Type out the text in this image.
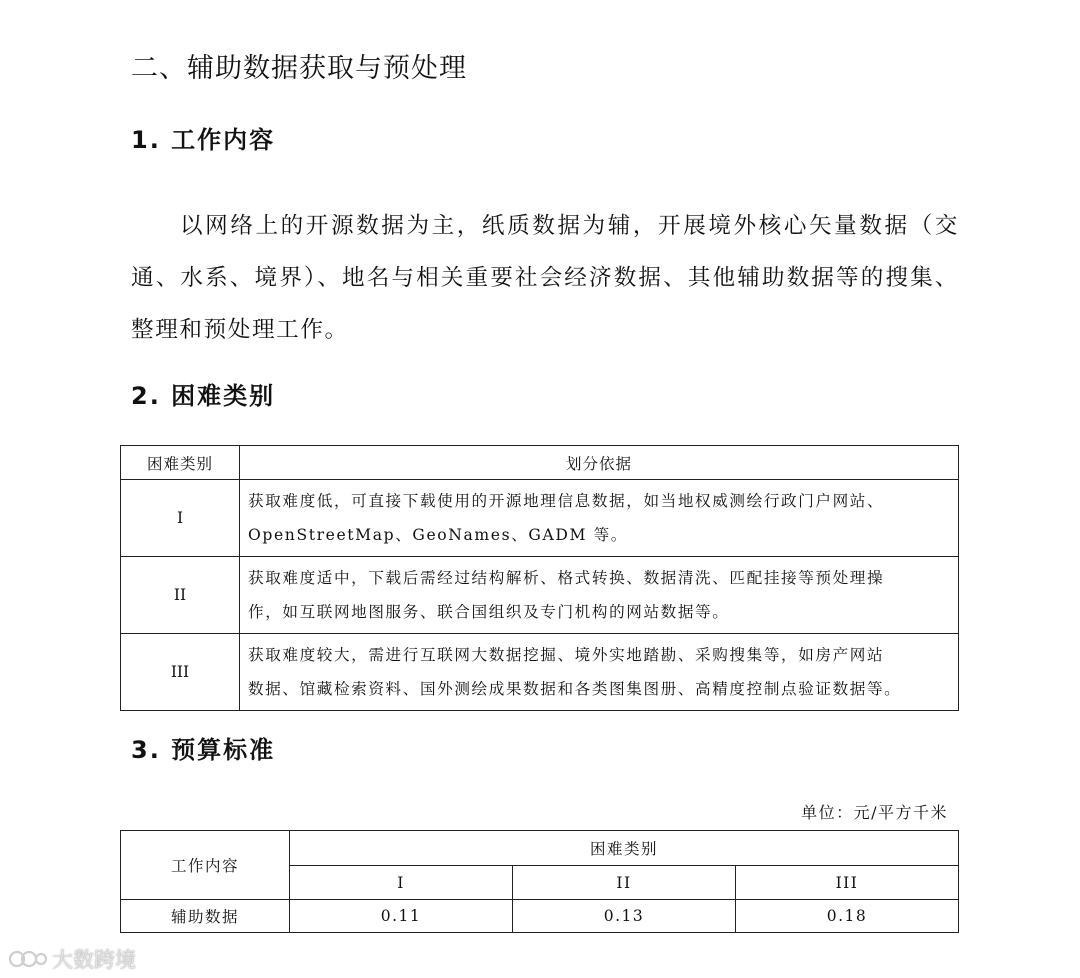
二、辅助数据获取与预处理
1. 工作内容

以网络上的开源数据为主，纸质数据为辅，开展境外核心矢量数据（交通、水系、境界）、地名与相关重要社会经济数据、其他辅助数据等的搜集、整理和预处理工作。

2. 困难类别
困难类别	划分依据
I	获取难度低，可直接下载使用的开源地理信息数据，如当地权威测绘行政门户网站、
OpenStreetMap、GeoNames、GADM 等。

II	获取难度适中，下载后需经过结构解析、格式转换、数据清洗、匹配挂接等预处理操
作，如互联网地图服务、联合国组织及专门机构的网站数据等。

III	获取难度较大，需进行互联网大数据挖掘、境外实地踏勘、采购搜集等，如房产网站
数据、馆藏检索资料、国外测绘成果数据和各类图集图册、高精度控制点验证数据等。
3. 预算标准
单位：元/平方千米
工作内容	困难类别		
	I	II	III
辅助数据	0.11	0.13	0.18
大数跨境
